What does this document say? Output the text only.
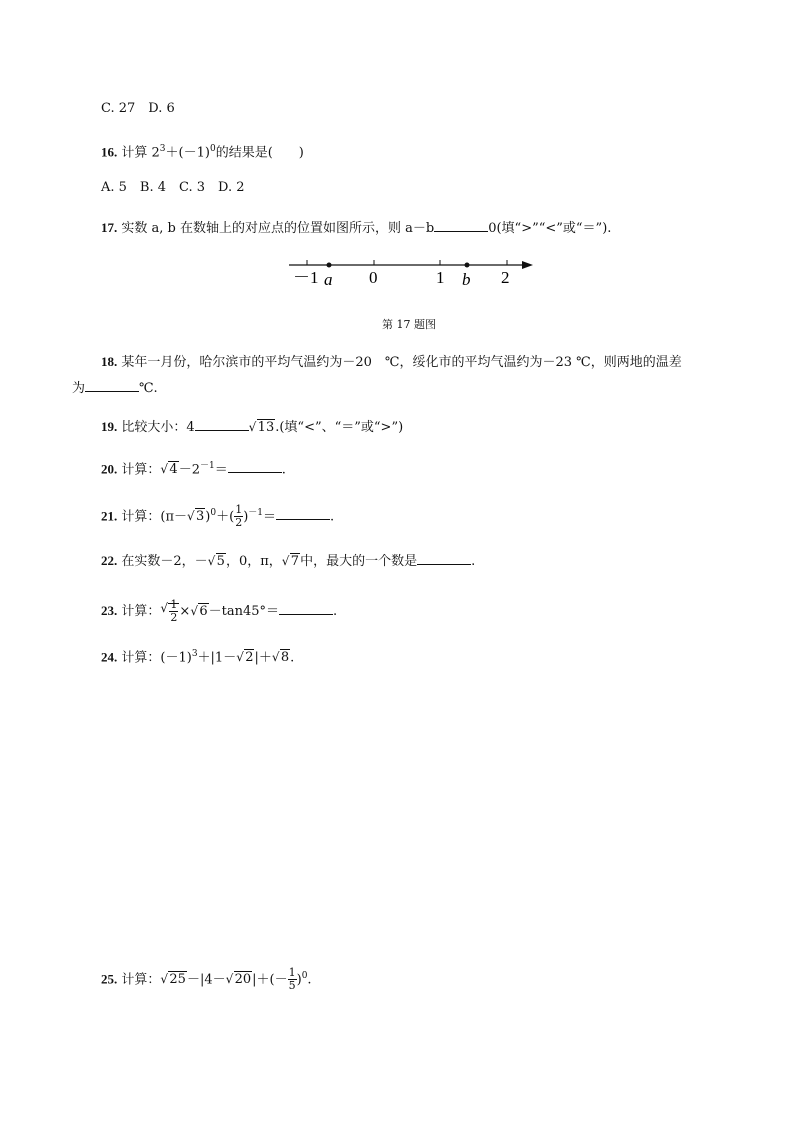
C. 27　D. 6
16. 计算 $2^3+(-1)^0$的结果是(　　)
A. 5　B. 4　C. 3　D. 2
17. 实数 a, b 在数轴上的对应点的位置如图所示，则 a－b	0(填“>”“<”或“＝”).
－1	0	1	2
a	b
第 17 题图
18. 某年一月份，哈尔滨市的平均气温约为－20　℃，绥化市的平均气温约为－23 ℃，则两地的温差
为	℃.
19. 比较大小：4√	13.(填“<”、“＝”或“>”)
20. 计算：√ $4-2^{-1}=$	.
21. 计算：(π－√ $3)^0+( \frac{1}{2} )^{-1}=$	.
22. 在实数－2，－√ 5，0，π，√ 7中，最大的一个数是	.
23. 计算：
√ $\frac{1}{2}$ ×√ 6－tan45°＝	.
24. 计算：$(-1)^3+|1-√$ 2|＋√ 8.
25. 计算：√ 25－|4－√ $20|+(- \frac{1}{5} )^0$.
